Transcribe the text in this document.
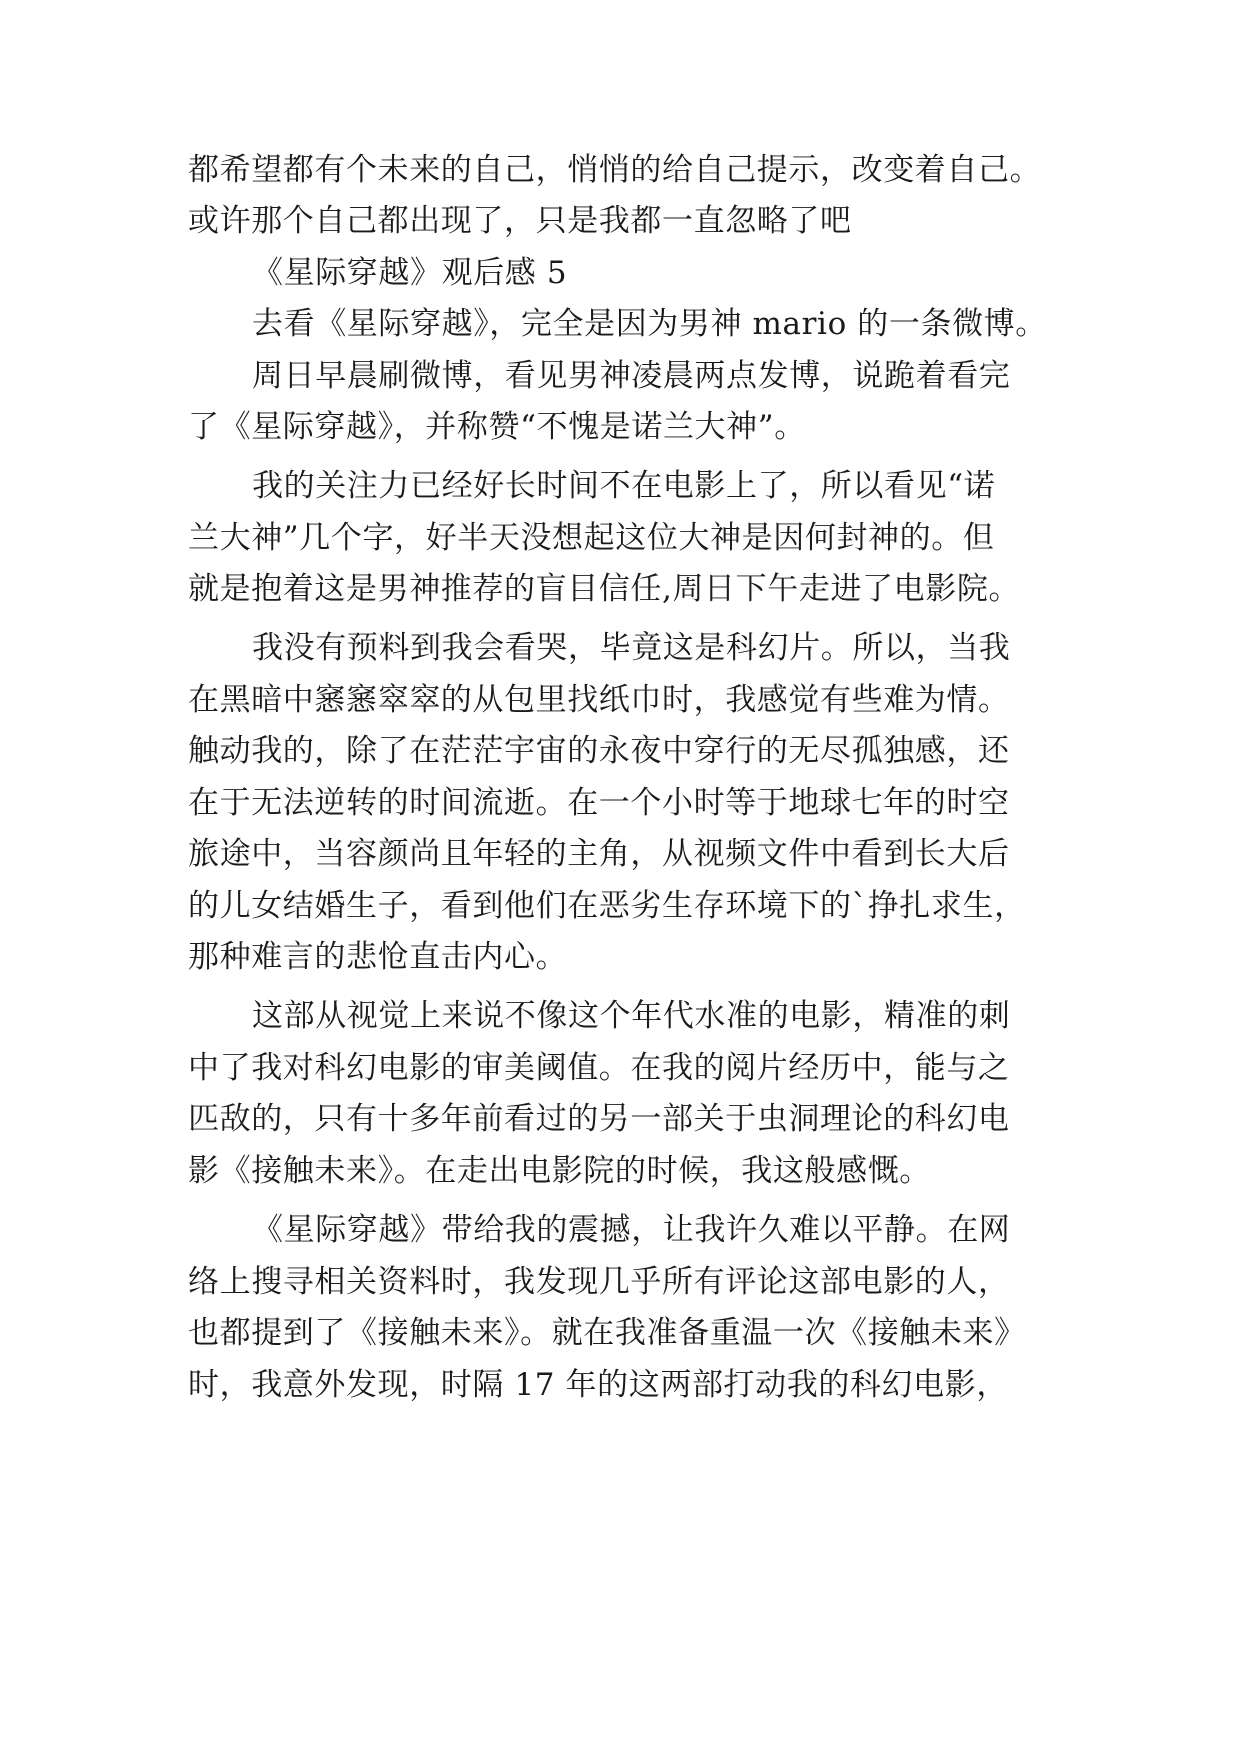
都希望都有个未来的自己，悄悄的给自己提示，改变着自己。
或许那个自己都出现了，只是我都一直忽略了吧
《星际穿越》观后感 5
去看《星际穿越》，完全是因为男神 mario 的一条微博。
周日早晨刷微博，看见男神凌晨两点发博，说跪着看完
了《星际穿越》，并称赞“不愧是诺兰大神”。
我的关注力已经好长时间不在电影上了，所以看见“诺
兰大神”几个字，好半天没想起这位大神是因何封神的。但
就是抱着这是男神推荐的盲目信任,周日下午走进了电影院。
我没有预料到我会看哭，毕竟这是科幻片。所以，当我
在黑暗中窸窸窣窣的从包里找纸巾时，我感觉有些难为情。
触动我的，除了在茫茫宇宙的永夜中穿行的无尽孤独感，还
在于无法逆转的时间流逝。在一个小时等于地球七年的时空
旅途中，当容颜尚且年轻的主角，从视频文件中看到长大后
的儿女结婚生子，看到他们在恶劣生存环境下的`挣扎求生，
那种难言的悲怆直击内心。
这部从视觉上来说不像这个年代水准的电影，精准的刺
中了我对科幻电影的审美阈值。在我的阅片经历中，能与之
匹敌的，只有十多年前看过的另一部关于虫洞理论的科幻电
影《接触未来》。在走出电影院的时候，我这般感慨。
《星际穿越》带给我的震撼，让我许久难以平静。在网
络上搜寻相关资料时，我发现几乎所有评论这部电影的人，
也都提到了《接触未来》。就在我准备重温一次《接触未来》
时，我意外发现，时隔 17 年的这两部打动我的科幻电影，
